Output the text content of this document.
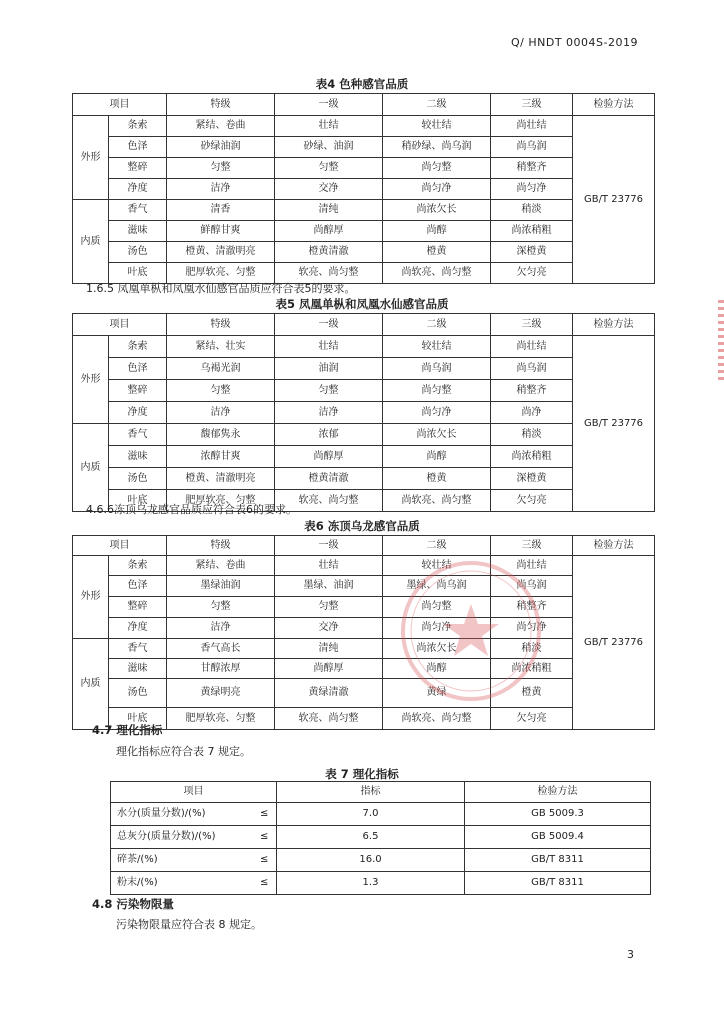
Q/ HNDT 0004S-2019
表4 色种感官品质
项目		特级	一级	二级	三级	检验方法
外形	条索	紧结、卷曲	壮结	较壮结	尚壮结	GB/T 23776
	色泽	砂绿油润	砂绿、油润	稍砂绿、尚乌润	尚乌润	
	整碎	匀整	匀整	尚匀整	稍整齐	
	净度	洁净	交净	尚匀净	尚匀净	
内质	香气	清香	清纯	尚浓欠长	稍淡	
	滋味	鲜醇甘爽	尚醇厚	尚醇	尚浓稍粗	
	汤色	橙黄、清澈明亮	橙黄清澈	橙黄	深橙黄	
	叶底	肥厚软亮、匀整	软亮、尚匀整	尚软亮、尚匀整	欠匀亮	
1.6.5 凤凰单枞和凤凰水仙感官品质应符合表5的要求。
表5 凤凰单枞和凤凰水仙感官品质
项目		特级	一级	二级	三级	检验方法
外形	条索	紧结、壮实	壮结	较壮结	尚壮结	GB/T 23776
	色泽	乌褐光润	油润	尚乌润	尚乌润	
	整碎	匀整	匀整	尚匀整	稍整齐	
	净度	洁净	洁净	尚匀净	尚净	
内质	香气	馥郁隽永	浓郁	尚浓欠长	稍淡	
	滋味	浓醇甘爽	尚醇厚	尚醇	尚浓稍粗	
	汤色	橙黄、清澈明亮	橙黄清澈	橙黄	深橙黄	
	叶底	肥厚软亮、匀整	软亮、尚匀整	尚软亮、尚匀整	欠匀亮	
4.6.6冻顶乌龙感官品质应符合表6的要求。
表6 冻顶乌龙感官品质
项目		特级	一级	二级	三级	检验方法
外形	条索	紧结、卷曲	壮结	较壮结	尚壮结	GB/T 23776
	色泽	墨绿油润	墨绿、油润	墨绿、尚乌润	尚乌润	
	整碎	匀整	匀整	尚匀整	稍整齐	
	净度	洁净	交净	尚匀净	尚匀净	
内质	香气	香气高长	清纯	尚浓欠长	稍淡	
	滋味	甘醇浓厚	尚醇厚	尚醇	尚浓稍粗	
	汤色	黄绿明亮	黄绿清澈	黄绿	橙黄	
	叶底	肥厚软亮、匀整	软亮、尚匀整	尚软亮、尚匀整	欠匀亮	
4.7 理化指标
理化指标应符合表 7 规定。
表 7 理化指标
项目		指标	检验方法
水分(质量分数)/(%)	≤	7.0	GB 5009.3
总灰分(质量分数)/(%)	≤	6.5	GB 5009.4
碎茶/(%)	≤	16.0	GB/T 8311
粉末/(%)	≤	1.3	GB/T 8311
4.8 污染物限量
污染物限量应符合表 8 规定。
3
